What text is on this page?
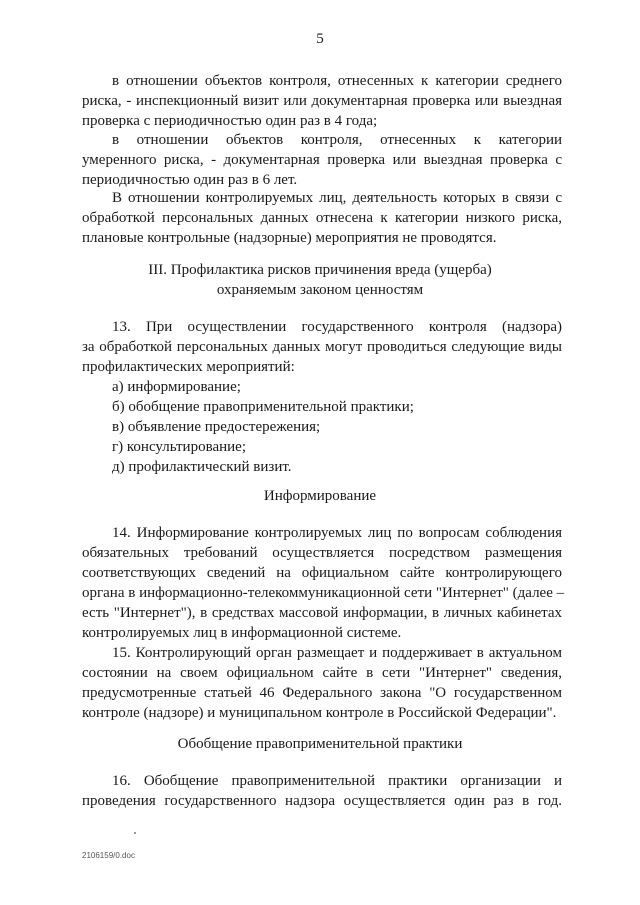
5
в отношении объектов контроля, отнесенных к категории среднего
риска, - инспекционный визит или документарная проверка или выездная
проверка с периодичностью один раз в 4 года;
в отношении объектов контроля, отнесенных к категории
умеренного риска, - документарная проверка или выездная проверка с
периодичностью один раз в 6 лет.
В отношении контролируемых лиц, деятельность которых в связи с
обработкой персональных данных отнесена к категории низкого риска,
плановые контрольные (надзорные) мероприятия не проводятся.
III. Профилактика рисков причинения вреда (ущерба)
охраняемым законом ценностям
13. При осуществлении государственного контроля (надзора)
за обработкой персональных данных могут проводиться следующие виды
профилактических мероприятий:
а) информирование;
б) обобщение правоприменительной практики;
в) объявление предостережения;
г) консультирование;
д) профилактический визит.
Информирование
14. Информирование контролируемых лиц по вопросам соблюдения
обязательных требований осуществляется посредством размещения
соответствующих сведений на официальном сайте контролирующего
органа в информационно-телекоммуникационной сети "Интернет" (далее –
есть "Интернет"), в средствах массовой информации, в личных кабинетах
контролируемых лиц в информационной системе.
15. Контролирующий орган размещает и поддерживает в актуальном
состоянии на своем официальном сайте в сети "Интернет" сведения,
предусмотренные статьей 46 Федерального закона "О государственном
контроле (надзоре) и муниципальном контроле в Российской Федерации".
Обобщение правоприменительной практики
16. Обобщение правоприменительной практики организации и
проведения государственного надзора осуществляется один раз в год.
2106159/0.doc
